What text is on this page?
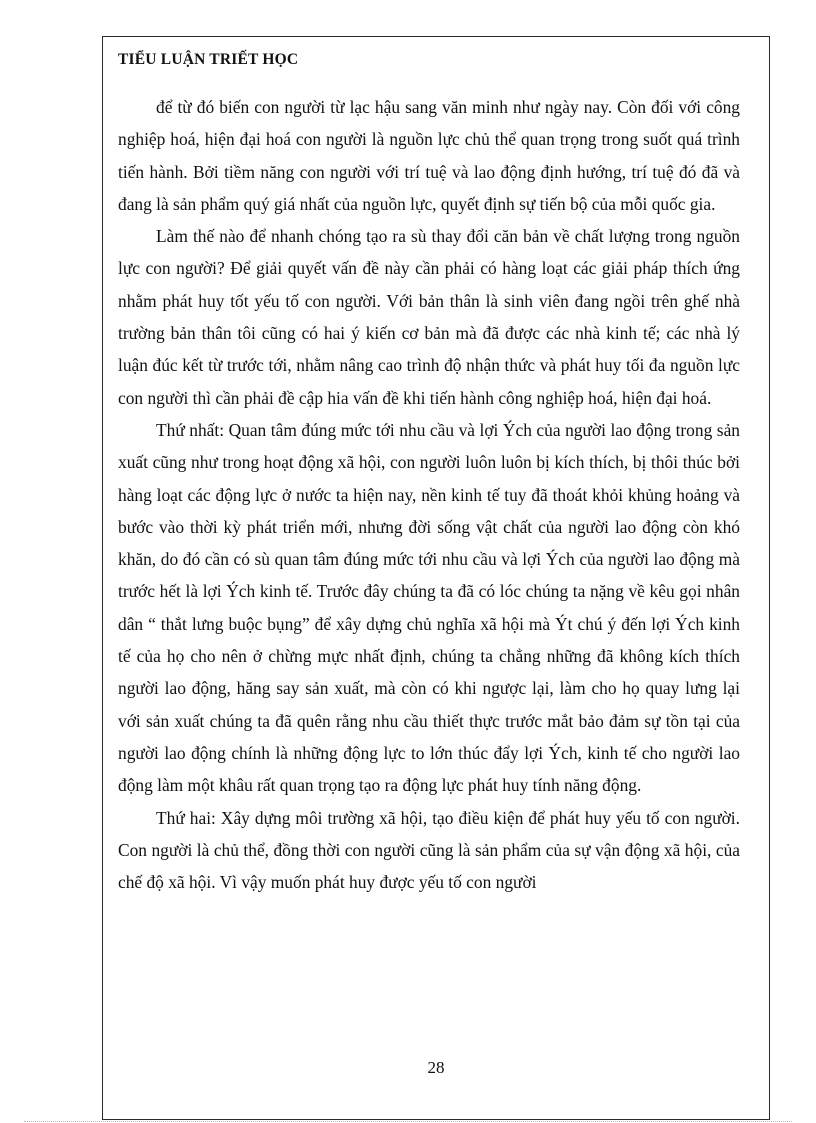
TIỂU LUẬN TRIẾT HỌC

để từ đó biến con người từ lạc hậu sang văn minh như ngày nay. Còn đối với công nghiệp hoá, hiện đại hoá con người là nguồn lực chủ thể quan trọng trong suốt quá trình tiến hành. Bởi tiềm năng con người với trí tuệ và lao động định hướng, trí tuệ đó đã và đang là sản phẩm quý giá nhất của nguồn lực, quyết định sự tiến bộ của mỗi quốc gia.

Làm thế nào để nhanh chóng tạo ra sù thay đổi căn bản về chất lượng trong nguồn lực con người? Để giải quyết vấn đề này cần phải có hàng loạt các giải pháp thích ứng nhằm phát huy tốt yếu tố con người. Với bản thân là sinh viên đang ngồi trên ghế nhà trường bản thân tôi cũng có hai ý kiến cơ bản mà đã được các nhà kinh tế; các nhà lý luận đúc kết từ trước tới, nhằm nâng cao trình độ nhận thức và phát huy tối đa nguồn lực con người thì cần phải đề cập hia vấn đề khi tiến hành công nghiệp hoá, hiện đại hoá.

Thứ nhất: Quan tâm đúng mức tới nhu cầu và lợi Ých của người lao động trong sản xuất cũng như trong hoạt động xã hội, con người luôn luôn bị kích thích, bị thôi thúc bởi hàng loạt các động lực ở nước ta hiện nay, nền kinh tế tuy đã thoát khỏi khủng hoảng và bước vào thời kỳ phát triển mới, nhưng đời sống vật chất của người lao động còn khó khăn, do đó cần có sù quan tâm đúng mức tới nhu cầu và lợi Ých của người lao động mà trước hết là lợi Ých kinh tế. Trước đây chúng ta đã có lóc chúng ta nặng về kêu gọi nhân dân “ thắt lưng buộc bụng” để xây dựng chủ nghĩa xã hội mà Ýt chú ý đến lợi Ých kinh tế của họ cho nên ở chừng mực nhất định, chúng ta chẳng những đã không kích thích người lao động, hăng say sản xuất, mà còn có khi ngược lại, làm cho họ quay lưng lại với sản xuất chúng ta đã quên rằng nhu cầu thiết thực trước mắt bảo đảm sự tồn tại của người lao động chính là những động lực to lớn thúc đẩy lợi Ých, kinh tế cho người lao động làm một khâu rất quan trọng tạo ra động lực phát huy tính năng động.

Thứ hai: Xây dựng môi trường xã hội, tạo điều kiện để phát huy yếu tố con người. Con người là chủ thể, đồng thời con người cũng là sản phẩm của sự vận động xã hội, của chế độ xã hội. Vì vậy muốn phát huy được yếu tố con người

28
